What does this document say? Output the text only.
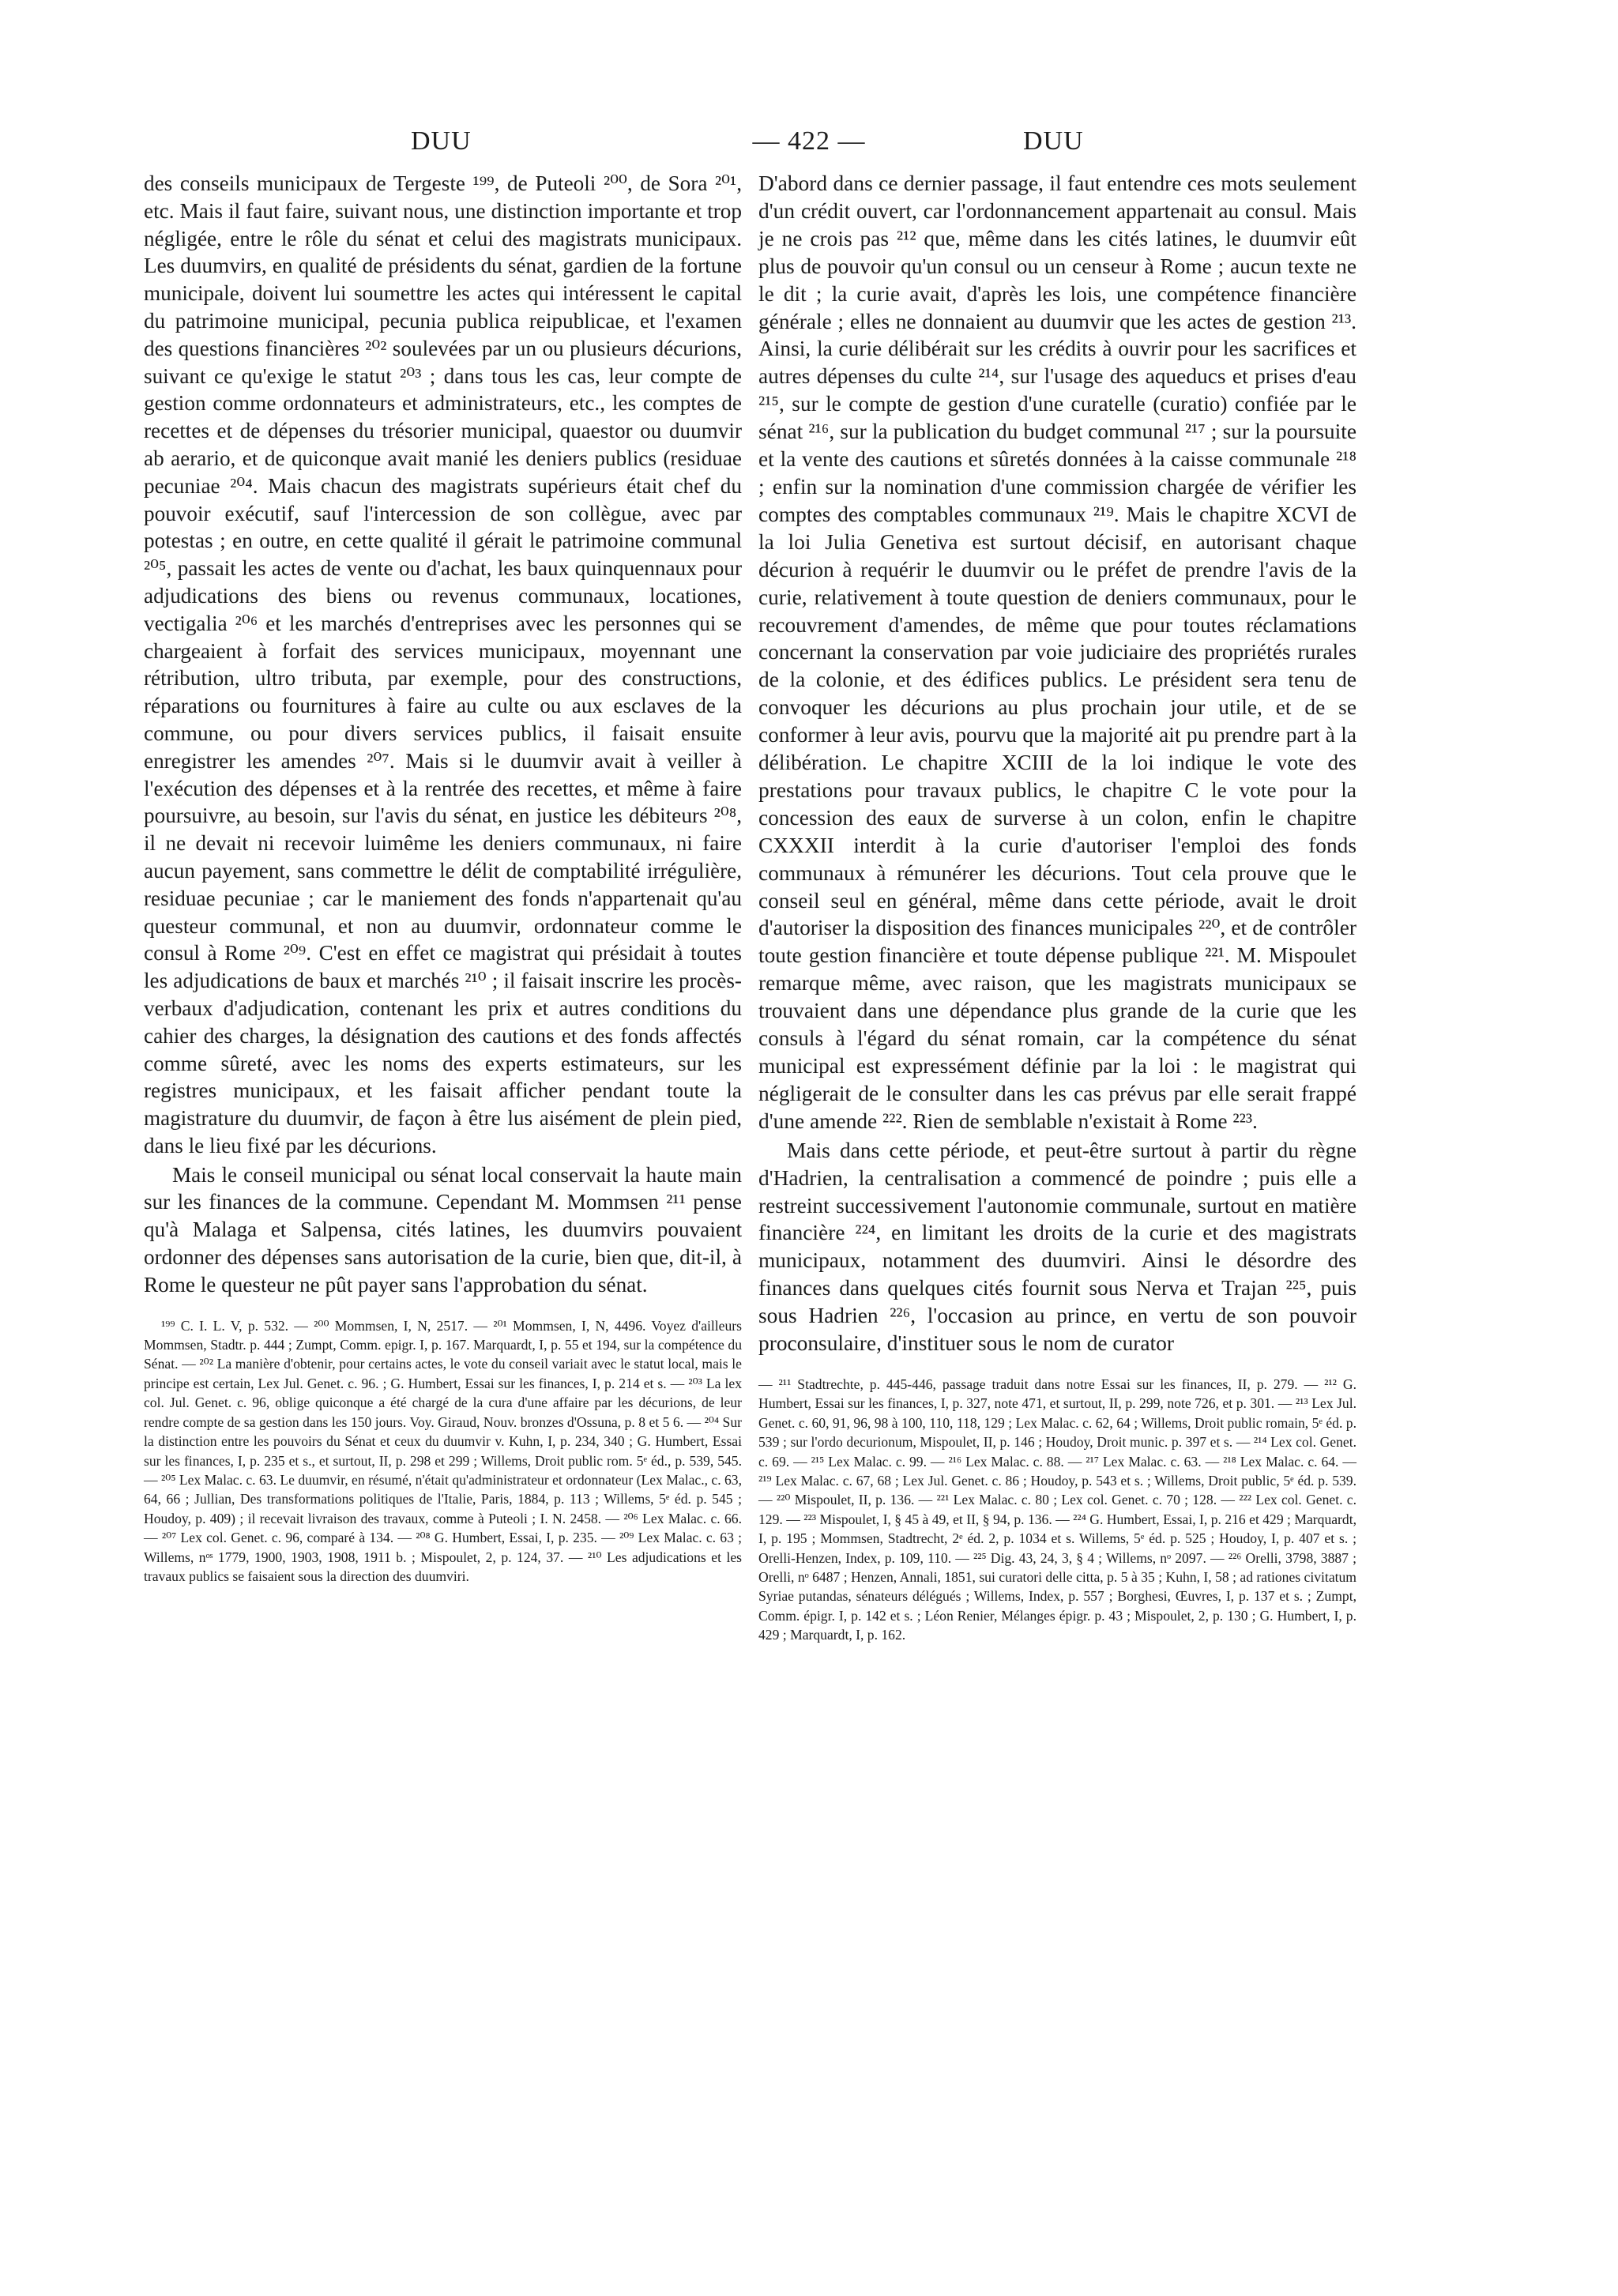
DUU	— 422 —	DUU

des conseils municipaux de Tergeste ¹⁹⁹, de Puteoli ²⁰⁰, de Sora ²⁰¹, etc. Mais il faut faire, suivant nous, une distinction importante et trop négligée, entre le rôle du sénat et celui des magistrats municipaux. Les duumvirs, en qualité de présidents du sénat, gardien de la fortune municipale, doivent lui soumettre les actes qui intéressent le capital du patrimoine municipal, pecunia publica reipublicae, et l'examen des questions financières ²⁰² soulevées par un ou plusieurs décurions, suivant ce qu'exige le statut ²⁰³ ; dans tous les cas, leur compte de gestion comme ordonnateurs et administrateurs, etc., les comptes de recettes et de dépenses du trésorier municipal, quaestor ou duumvir ab aerario, et de quiconque avait manié les deniers publics (residuae pecuniae ²⁰⁴. Mais chacun des magistrats supérieurs était chef du pouvoir exécutif, sauf l'intercession de son collègue, avec par potestas ; en outre, en cette qualité il gérait le patrimoine communal ²⁰⁵, passait les actes de vente ou d'achat, les baux quinquennaux pour adjudications des biens ou revenus communaux, locationes, vectigalia ²⁰⁶ et les marchés d'entreprises avec les personnes qui se chargeaient à forfait des services municipaux, moyennant une rétribution, ultro tributa, par exemple, pour des constructions, réparations ou fournitures à faire au culte ou aux esclaves de la commune, ou pour divers services publics, il faisait ensuite enregistrer les amendes ²⁰⁷. Mais si le duumvir avait à veiller à l'exécution des dépenses et à la rentrée des recettes, et même à faire poursuivre, au besoin, sur l'avis du sénat, en justice les débiteurs ²⁰⁸, il ne devait ni recevoir luimême les deniers communaux, ni faire aucun payement, sans commettre le délit de comptabilité irrégulière, residuae pecuniae ; car le maniement des fonds n'appartenait qu'au questeur communal, et non au duumvir, ordonnateur comme le consul à Rome ²⁰⁹. C'est en effet ce magistrat qui présidait à toutes les adjudications de baux et marchés ²¹⁰ ; il faisait inscrire les procès-verbaux d'adjudication, contenant les prix et autres conditions du cahier des charges, la désignation des cautions et des fonds affectés comme sûreté, avec les noms des experts estimateurs, sur les registres municipaux, et les faisait afficher pendant toute la magistrature du duumvir, de façon à être lus aisément de plein pied, dans le lieu fixé par les décurions.

Mais le conseil municipal ou sénat local conservait la haute main sur les finances de la commune. Cependant M. Mommsen ²¹¹ pense qu'à Malaga et Salpensa, cités latines, les duumvirs pouvaient ordonner des dépenses sans autorisation de la curie, bien que, dit-il, à Rome le questeur ne pût payer sans l'approbation du sénat.

¹⁹⁹ C. I. L. V, p. 532. — ²⁰⁰ Mommsen, I, N, 2517. — ²⁰¹ Mommsen, I, N, 4496. Voyez d'ailleurs Mommsen, Stadtr. p. 444 ; Zumpt, Comm. epigr. I, p. 167. Marquardt, I, p. 55 et 194, sur la compétence du Sénat. — ²⁰² La manière d'obtenir, pour certains actes, le vote du conseil variait avec le statut local, mais le principe est certain, Lex Jul. Genet. c. 96. ; G. Humbert, Essai sur les finances, I, p. 214 et s. — ²⁰³ La lex col. Jul. Genet. c. 96, oblige quiconque a été chargé de la cura d'une affaire par les décurions, de leur rendre compte de sa gestion dans les 150 jours. Voy. Giraud, Nouv. bronzes d'Ossuna, p. 8 et 5 6. — ²⁰⁴ Sur la distinction entre les pouvoirs du Sénat et ceux du duumvir v. Kuhn, I, p. 234, 340 ; G. Humbert, Essai sur les finances, I, p. 235 et s., et surtout, II, p. 298 et 299 ; Willems, Droit public rom. 5ᵉ éd., p. 539, 545. — ²⁰⁵ Lex Malac. c. 63. Le duumvir, en résumé, n'était qu'administrateur et ordonnateur (Lex Malac., c. 63, 64, 66 ; Jullian, Des transformations politiques de l'Italie, Paris, 1884, p. 113 ; Willems, 5ᵉ éd. p. 545 ; Houdoy, p. 409) ; il recevait livraison des travaux, comme à Puteoli ; I. N. 2458. — ²⁰⁶ Lex Malac. c. 66. — ²⁰⁷ Lex col. Genet. c. 96, comparé à 134. — ²⁰⁸ G. Humbert, Essai, I, p. 235. — ²⁰⁹ Lex Malac. c. 63 ; Willems, nᵒˢ 1779, 1900, 1903, 1908, 1911 b. ; Mispoulet, 2, p. 124, 37. — ²¹⁰ Les adjudications et les travaux publics se faisaient sous la direction des duumviri.

D'abord dans ce dernier passage, il faut entendre ces mots seulement d'un crédit ouvert, car l'ordonnancement appartenait au consul. Mais je ne crois pas ²¹² que, même dans les cités latines, le duumvir eût plus de pouvoir qu'un consul ou un censeur à Rome ; aucun texte ne le dit ; la curie avait, d'après les lois, une compétence financière générale ; elles ne donnaient au duumvir que les actes de gestion ²¹³. Ainsi, la curie délibérait sur les crédits à ouvrir pour les sacrifices et autres dépenses du culte ²¹⁴, sur l'usage des aqueducs et prises d'eau ²¹⁵, sur le compte de gestion d'une curatelle (curatio) confiée par le sénat ²¹⁶, sur la publication du budget communal ²¹⁷ ; sur la poursuite et la vente des cautions et sûretés données à la caisse communale ²¹⁸ ; enfin sur la nomination d'une commission chargée de vérifier les comptes des comptables communaux ²¹⁹. Mais le chapitre XCVI de la loi Julia Genetiva est surtout décisif, en autorisant chaque décurion à requérir le duumvir ou le préfet de prendre l'avis de la curie, relativement à toute question de deniers communaux, pour le recouvrement d'amendes, de même que pour toutes réclamations concernant la conservation par voie judiciaire des propriétés rurales de la colonie, et des édifices publics. Le président sera tenu de convoquer les décurions au plus prochain jour utile, et de se conformer à leur avis, pourvu que la majorité ait pu prendre part à la délibération. Le chapitre XCIII de la loi indique le vote des prestations pour travaux publics, le chapitre C le vote pour la concession des eaux de surverse à un colon, enfin le chapitre CXXXII interdit à la curie d'autoriser l'emploi des fonds communaux à rémunérer les décurions. Tout cela prouve que le conseil seul en général, même dans cette période, avait le droit d'autoriser la disposition des finances municipales ²²⁰, et de contrôler toute gestion financière et toute dépense publique ²²¹. M. Mispoulet remarque même, avec raison, que les magistrats municipaux se trouvaient dans une dépendance plus grande de la curie que les consuls à l'égard du sénat romain, car la compétence du sénat municipal est expressément définie par la loi : le magistrat qui négligerait de le consulter dans les cas prévus par elle serait frappé d'une amende ²²². Rien de semblable n'existait à Rome ²²³.

Mais dans cette période, et peut-être surtout à partir du règne d'Hadrien, la centralisation a commencé de poindre ; puis elle a restreint successivement l'autonomie communale, surtout en matière financière ²²⁴, en limitant les droits de la curie et des magistrats municipaux, notamment des duumviri. Ainsi le désordre des finances dans quelques cités fournit sous Nerva et Trajan ²²⁵, puis sous Hadrien ²²⁶, l'occasion au prince, en vertu de son pouvoir proconsulaire, d'instituer sous le nom de curator

— ²¹¹ Stadtrechte, p. 445-446, passage traduit dans notre Essai sur les finances, II, p. 279. — ²¹² G. Humbert, Essai sur les finances, I, p. 327, note 471, et surtout, II, p. 299, note 726, et p. 301. — ²¹³ Lex Jul. Genet. c. 60, 91, 96, 98 à 100, 110, 118, 129 ; Lex Malac. c. 62, 64 ; Willems, Droit public romain, 5ᵉ éd. p. 539 ; sur l'ordo decurionum, Mispoulet, II, p. 146 ; Houdoy, Droit munic. p. 397 et s. — ²¹⁴ Lex col. Genet. c. 69. — ²¹⁵ Lex Malac. c. 99. — ²¹⁶ Lex Malac. c. 88. — ²¹⁷ Lex Malac. c. 63. — ²¹⁸ Lex Malac. c. 64. — ²¹⁹ Lex Malac. c. 67, 68 ; Lex Jul. Genet. c. 86 ; Houdoy, p. 543 et s. ; Willems, Droit public, 5ᵉ éd. p. 539. — ²²⁰ Mispoulet, II, p. 136. — ²²¹ Lex Malac. c. 80 ; Lex col. Genet. c. 70 ; 128. — ²²² Lex col. Genet. c. 129. — ²²³ Mispoulet, I, § 45 à 49, et II, § 94, p. 136. — ²²⁴ G. Humbert, Essai, I, p. 216 et 429 ; Marquardt, I, p. 195 ; Mommsen, Stadtrecht, 2ᵉ éd. 2, p. 1034 et s. Willems, 5ᵉ éd. p. 525 ; Houdoy, I, p. 407 et s. ; Orelli-Henzen, Index, p. 109, 110. — ²²⁵ Dig. 43, 24, 3, § 4 ; Willems, nᵒ 2097. — ²²⁶ Orelli, 3798, 3887 ; Orelli, nᵒ 6487 ; Henzen, Annali, 1851, sui curatori delle citta, p. 5 à 35 ; Kuhn, I, 58 ; ad rationes civitatum Syriae putandas, sénateurs délégués ; Willems, Index, p. 557 ; Borghesi, Œuvres, I, p. 137 et s. ; Zumpt, Comm. épigr. I, p. 142 et s. ; Léon Renier, Mélanges épigr. p. 43 ; Mispoulet, 2, p. 130 ; G. Humbert, I, p. 429 ; Marquardt, I, p. 162.
